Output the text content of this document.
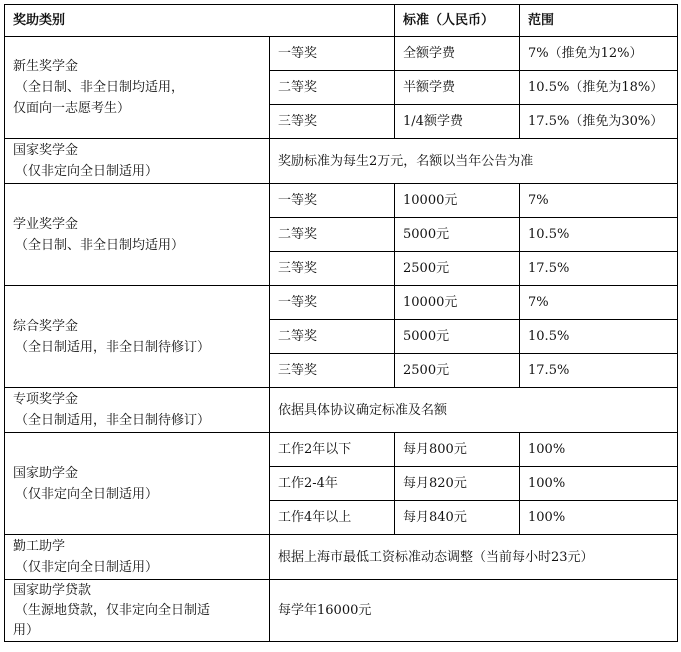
奖助类别		标准（人民币）	范围

新生奖学金
（全日制、非全日制均适用，
仅面向一志愿考生）	一等奖	全额学费	7%（推免为12%）
	二等奖	半额学费	10.5%（推免为18%）
	三等奖	1/4额学费	17.5%（推免为30%）

国家奖学金
（仅非定向全日制适用）	奖励标准为每生2万元，名额以当年公告为准		

学业奖学金
（全日制、非全日制均适用）	一等奖	10000元	7%
	二等奖	5000元	10.5%
	三等奖	2500元	17.5%

综合奖学金
（全日制适用，非全日制待修订）	一等奖	10000元	7%
	二等奖	5000元	10.5%
	三等奖	2500元	17.5%

专项奖学金
（全日制适用，非全日制待修订）	依据具体协议确定标准及名额		

国家助学金
（仅非定向全日制适用）	工作2年以下	每月800元	100%
	工作2-4年	每月820元	100%
	工作4年以上	每月840元	100%

勤工助学
（仅非定向全日制适用）	根据上海市最低工资标准动态调整（当前每小时23元）		

国家助学贷款
（生源地贷款，仅非定向全日制适
用）	每学年16000元		
